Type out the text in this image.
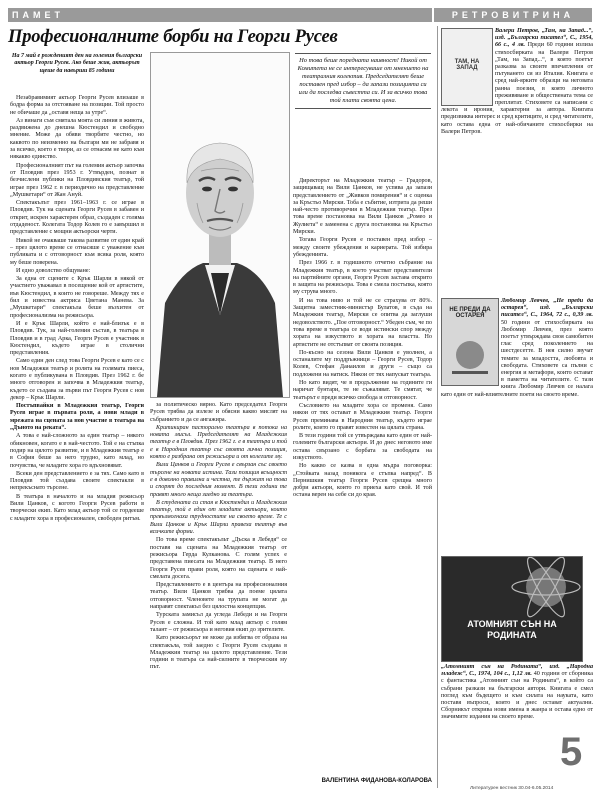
ПАМЕТ	РЕТРОВИТРИНА
Професионалните борби на Георги Русев
На 7 май е рожденият ден на големия български актьор Георги Русев. Ако беше жив, актьорът щеше да навърши 85 години

Незабравимият актьор Георги Русев влизаше в бодра форма за отстояване на позиции. Той просто не обичаше да „оставя неща за утре“.

Аз винаги съм смятала моята си линия в живота, раздвижена до днешна Кюстендил и свободно мнение. Може да обяви творбите честно, но каквото по неизменно на българи ми не забравя и за всичко, което е твори, аз се отнасям не като към някакво единство.

Професионалният път на големия актьор започва от Пловдив през 1953 г. Утвърден, познат в безчислени публики на Пловдивския театър, той играе през 1962 г. в периодично на представление „Мушкетари“ от Жан Ануй.

Спектакълът през 1961–1963 г. се играе в Пловдив. Тук на сцената Георги Русев в забавен и открит, искрен характерен образ, създаден с голяма отдаденост. Колегата Тодор Колев го е завършил в представление с мощни актьорски черти.

Никой не очакваше такова развитие от един край – през цялото време се отнасяше с уважение към публиката и с отговорност към всяка роля, която му беше поверена.

И едно доволство общуване:

За една от сцените с Крък Шарли в някой от участието уважавал в посещение кой от артистите, във Кюстендил, в които не говореше. Между тях е бил и известна актриса Цветана Манева. За „Мушкетари“ спектакъла беше възхитен от професионализма на режисьора.

И е Крък Шарли, който е най-близък е в Пловдив. Тук, за най-големия състав, в театъра в Пловдив и в град Арка, Георги Русев е участник в Кюстендил, където играе в столични представления.

Само един ден след това Георги Русев е като се с нов Младежки театър и ролята на голямата пиеса, когато е публикувана в Пловдив. През 1962 г. бе много отговорен и започва в Младежкия театър, където се създава за първи път Георги Русев с нов декор – Крък Шарли.

Постъпвайки в Младежкия театър, Георги Русев играе в първата роля, а нови млади в мрежата на сцената за нов участие в театъра на „Дъното на реката“.

А това е най-сложното за един театър – някого обикновен, когато е в най-честото. Той е на стъпка подир на цялото развитие, и в Младежкия театър е в София беше за него трудно, като млад, но почувства, че младите хора го вдъхновяват.

Всеки ден представлението е за тях. Само като в Пловдив той създава своите спектакли в непрекъснато търсене.

В театъра в началото и на младия режисьор Вили Цанков, с когото Георги Русев работи в творчески екип. Като млад актьор той се гордееше с младите хора в професионален, свободен ритъм.

за политическо вярно. Като председател Георги Русев трябва да излезе и обясни какво мислят на събранието и да се ангажира.

Критикиран пасторално театъра в потока на новата мисъл. Председателят на Младежкия театър е в Пловдив. През 1962 г. е в театъра и той е в Народния театър със своята лична позиция, която е разбрана от режисьора и от колегите му.

Вили Цанков и Георги Русев е свързан със своето търсене на новата истина. Тази позиция всъщност е в доволно правилна и честна, те държат на това и спорят до последния момент. В тези години те правят много неща заедно за театъра.

В студената си стая в Кюстендил и Младежкия театър, той е един от младите актьори, които превъзмогнаха трудностите на своето време. Те с Вили Цанков и Крък Шарли правеха театър във всичките форми.

По това време спектакъльт „Дъска в Лебедя“ се поставя на сцената на Младежкия театър от режисьора Герда Кулканова. С голям успех е представена пиесата на Младежкия театър. В него Георги Русев прави роля, която на сцената е най-смелата досега.

Представлението е в центъра на професионалния театър. Вили Цанков трябва да поеме цялата отговорност. Членовете на трупата не могат да направят спектакъл без цялостна концепция.

Турската замисъл да угледа Лебеди и на Георги Русев е сложна. И той като млад актьор с голям талант – от режисьора и неговия екип до зрителите.

Като режисьорът не може да избягва от образа на спектакъла, той заедно с Георги Русев създава в Младежкия театър на цялото представление. Тези години в театъра са най-силните в творческия му път.

Но това беше поредната наивност! Никой от Комитета не се интересуваше от мнението на театралния колектив. Председателят беше поставен пред избор – да запази позицията си или да последва съвестта си. И за всичко това той плати своята цена.

Директорът на Младежкия театър – Градоров, защищаващ на Вили Цанков, не успява да запази представлението от „Живков помирения“ и с оценка за Кръстьо Мирски. Тоба е събитие, изтрита да реши най-често противоречия в Младежкия театър. През това време постановка на Вили Цанков „Ромео и Жулиета“ е заменена с друга постановка на Кръстьо Мирски.

Тогава Георги Русев е поставен пред избор – между своите убеждения и кариерата. Той избира убежденията.

През 1966 г. в годишното отчетно събрание на Младежкия театър, в което участват представители на партийните органи, Георги Русев застава открито в защита на режисьора. Това е смела постъпка, която му струва много.

И на това ниво и той не се страхува от 80%. Защитна заместник-министър Булатов, в съда на Младежкия театър, Мирски се опитва да заглуши недоволството. „Пое отговорност.“ Убеден съм, че по това време в театъра се води истински спор между хората на изкуството и хората на властта. Но артистите не отстъпват от своята позиция.

По-късно на сезона Вили Цанков е уволнен, а останалите му поддръжници – Георги Русев, Тодор Колев, Стефан Данаилов и други – също са подложени на натиск. Някои от тях напускат театъра.

Но като видят, че в продължение на годините ги наричат бунтари, те не съжаляват. Те смятат, че театърът е преди всичко свобода и отговорност.

Съсловието на младите хора се променя. Само някои от тях остават в Младежкия театър. Георги Русев преминава в Народния театър, където играе ролите, които го правят известен на цялата страна.

В тези години той се утвърждава като един от най-големите български актьори. И до днес неговото име остава свързано с борбата за свободата на изкуството.

Но какво се казва в една мъдра поговорка: „Стойката назад понякога е стъпка напред“. В Пернишкия театър Георги Русев срещна много добри актьори, които го приеха като свой. И той остана верен на себе си до края.

ВАЛЕНТИНА ФИДАНОВА-КОЛАРОВА
ТАМ, НА ЗАПАД
Валери Петров, „Там, на Запад...“, изд. „Български писател“, С., 1954, 66 с., 4 лв. Преди 60 години излиза стихосбирката на Валери Петров „Там, на Запад...“, в която поетът разказва за своите впечатления от пътуването си из Италия. Книгата е сред най-ярките образци на неговата ранна поезия, в която личното преживяване и обществената тема се преплитат. Стиховете са написани с лекота и ирония, характерни за автора. Книгата предизвиква интерес и сред критиците, и сред читателите, като остава една от най-обичаните стихосбирки на Валери Петров.
НЕ ПРЕДИ ДА ОСТАРЕЯ
Любомир Левчев, „Не преди да остарея“, изд. „Български писател“, С., 1964, 72 с., 0,39 лв. 50 години от стихосбирката на Любомир Левчев, през която поетът утвърждава своя самобитен глас сред поколението на шестдесетте. В нея силно звучат темите за младостта, любовта и свободата. Стиховете са пълни с енергия и метафори, които остават в паметта на читателите. С тази книга Любомир Левчев се налага като един от най-влиятелните поети на своето време.
АТОМНИЯТ СЪН НА РОДИНАТА
„Атомният сън на Родината“, изд. „Народна младеж“, С., 1974, 104 с., 1,12 лв. 40 години от сборника с фантастика „Атомният сън на Родината“, в който са събрани разкази на български автори. Книгата е смел поглед към бъдещето и към силата на науката, като поставя въпроси, които и днес остават актуални. Сборникът открива нови имена в жанра и остава едно от значимите издания на своето време.
5
Литературен вестник 30.04-6.05.2014
